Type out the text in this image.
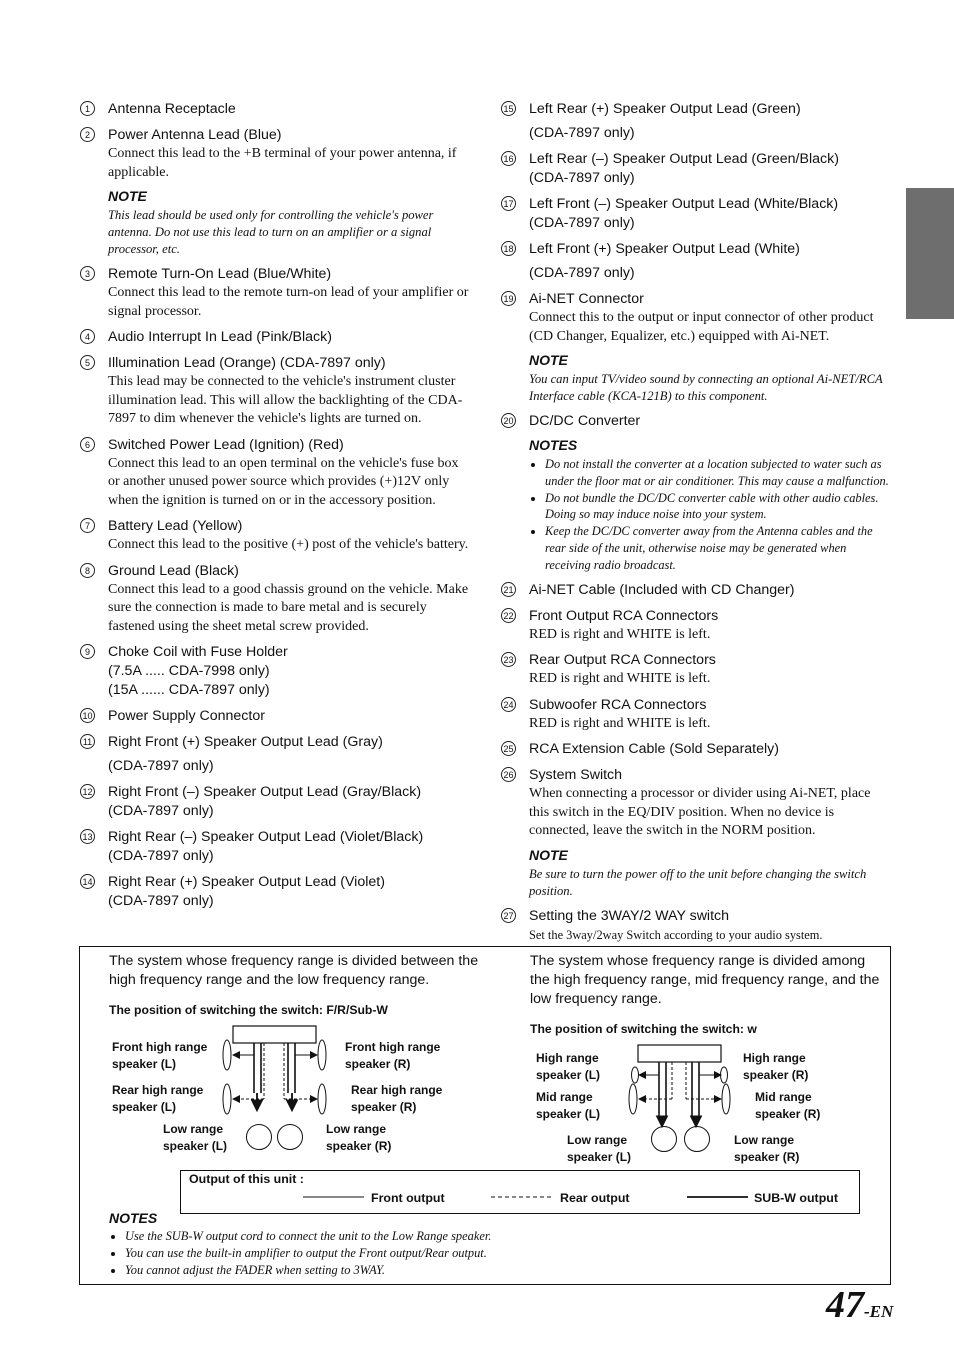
1	Antenna Receptacle
2	Power Antenna Lead (Blue)
Connect this lead to the +B terminal of your power antenna, if applicable.
NOTE
This lead should be used only for controlling the vehicle's power antenna. Do not use this lead to turn on an amplifier or a signal processor, etc.
3	Remote Turn-On Lead (Blue/White)
Connect this lead to the remote turn-on lead of your amplifier or signal processor.
4	Audio Interrupt In Lead (Pink/Black)
5	Illumination Lead (Orange) (CDA-7897 only)
This lead may be connected to the vehicle's instrument cluster illumination lead. This will allow the backlighting of the CDA-7897 to dim whenever the vehicle's lights are turned on.
6	Switched Power Lead (Ignition) (Red)
Connect this lead to an open terminal on the vehicle's fuse box or another unused power source which provides (+)12V only when the ignition is turned on or in the accessory position.
7	Battery Lead (Yellow)
Connect this lead to the positive (+) post of the vehicle's battery.
8	Ground Lead (Black)
Connect this lead to a good chassis ground on the vehicle. Make sure the connection is made to bare metal and is securely fastened using the sheet metal screw provided.
9	Choke Coil with Fuse Holder
(7.5A ..... CDA-7998 only)
(15A ...... CDA-7897 only)
10 Power Supply Connector
11 Right Front (+) Speaker Output Lead (Gray)
(CDA-7897 only)
12 Right Front (–) Speaker Output Lead (Gray/Black)
(CDA-7897 only)
13 Right Rear (–) Speaker Output Lead (Violet/Black)
(CDA-7897 only)
14 Right Rear (+) Speaker Output Lead (Violet)
(CDA-7897 only)
15 Left Rear (+) Speaker Output Lead (Green)
(CDA-7897 only)
16 Left Rear (–) Speaker Output Lead (Green/Black)
(CDA-7897 only)
17 Left Front (–) Speaker Output Lead (White/Black)
(CDA-7897 only)
18 Left Front (+) Speaker Output Lead (White)
(CDA-7897 only)
19 Ai-NET Connector
Connect this to the output or input connector of other product (CD Changer, Equalizer, etc.) equipped with Ai-NET.
NOTE
You can input TV/video sound by connecting an optional Ai-NET/RCA Interface cable (KCA-121B) to this component.
20 DC/DC Converter
NOTES
• Do not install the converter at a location subjected to water such as under the floor mat or air conditioner. This may cause a malfunction.
• Do not bundle the DC/DC converter cable with other audio cables. Doing so may induce noise into your system.
• Keep the DC/DC converter away from the Antenna cables and the rear side of the unit, otherwise noise may be generated when receiving radio broadcast.
21 Ai-NET Cable (Included with CD Changer)
22 Front Output RCA Connectors
RED is right and WHITE is left.
23 Rear Output RCA Connectors
RED is right and WHITE is left.
24 Subwoofer RCA Connectors
RED is right and WHITE is left.
25 RCA Extension Cable (Sold Separately)
26 System Switch
When connecting a processor or divider using Ai-NET, place this switch in the EQ/DIV position. When no device is connected, leave the switch in the NORM position.
NOTE
Be sure to turn the power off to the unit before changing the switch position.
27 Setting the 3WAY/2 WAY switch
Set the 3way/2way Switch according to your audio system.
The system whose frequency range is divided between the high frequency range and the low frequency range.
The system whose frequency range is divided among the high frequency range, mid frequency range, and the low frequency range.
The position of switching the switch: F/R/Sub-W
The position of switching the switch: w
Front high range speaker (L)
Front high range speaker (R)
Rear high range speaker (L)
Rear high range speaker (R)
Low range speaker (L)
Low range speaker (R)
High range speaker (L)
High range speaker (R)
Mid range speaker (L)
Mid range speaker (R)
Low range speaker (L)
Low range speaker (R)
Output of this unit :
Front output	Rear output	SUB-W output
NOTES
• Use the SUB-W output cord to connect the unit to the Low Range speaker.
• You can use the built-in amplifier to output the Front output/Rear output.
• You cannot adjust the FADER when setting to 3WAY.
47-EN
